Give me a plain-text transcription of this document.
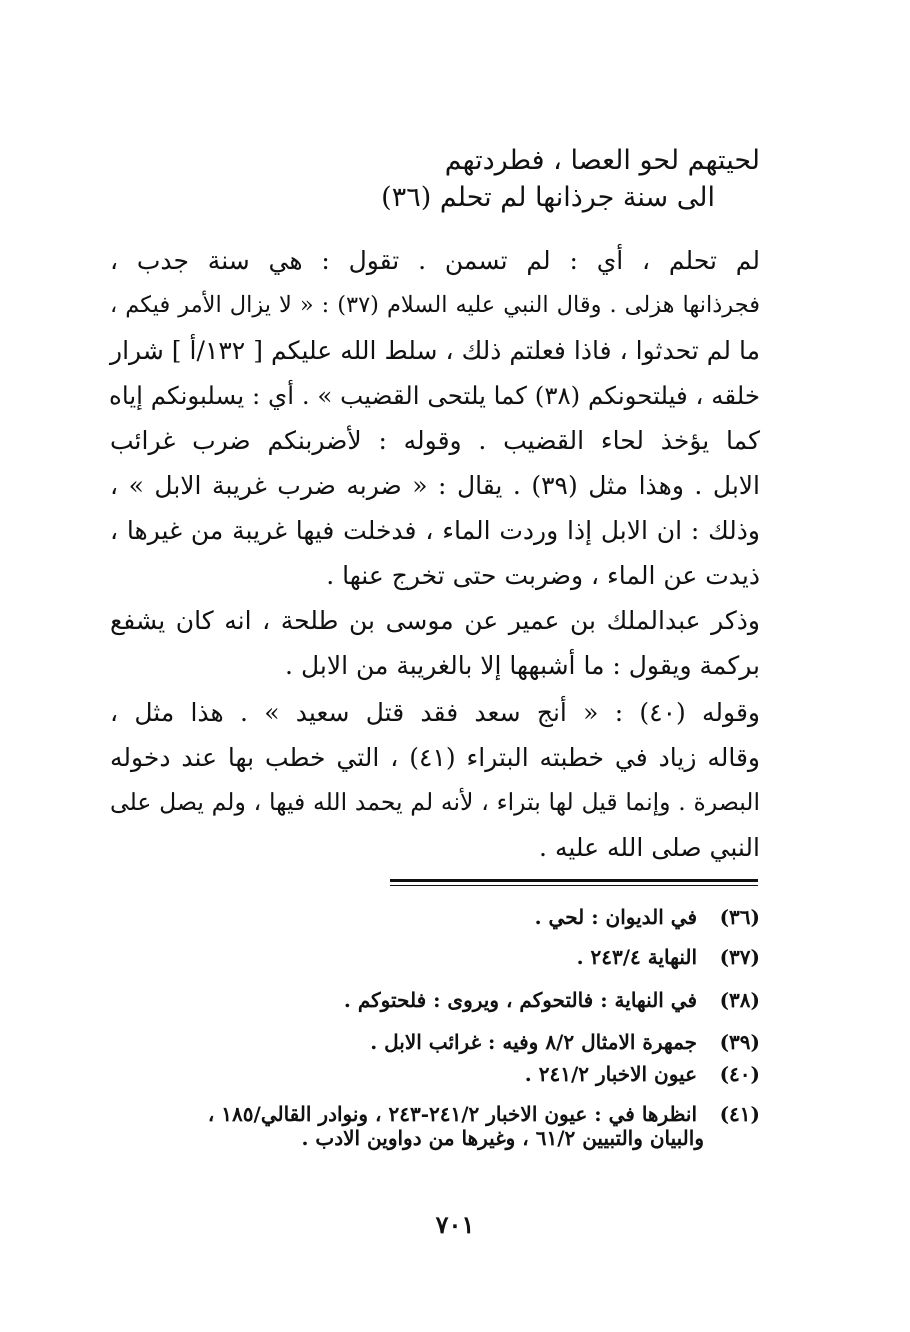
لحيتهم لحو العصا ، فطردتهم
الى سنة جرذانها لم تحلم (٣٦)
لم تحلم ، أي : لم تسمن . تقول : هي سنة جدب ،
فجرذانها هزلى . وقال النبي عليه السلام (٣٧) : « لا يزال الأمر فيكم ،
ما لم تحدثوا ، فاذا فعلتم ذلك ، سلط الله عليكم [ ١٣٢/أ ] شرار
خلقه ، فيلتحونكم (٣٨) كما يلتحى القضيب » . أي : يسلبونكم إياه
كما يؤخذ لحاء القضيب . وقوله : لأضربنكم ضرب غرائب
الابل . وهذا مثل (٣٩) . يقال : « ضربه ضرب غريبة الابل » ،
وذلك : ان الابل إذا وردت الماء ، فدخلت فيها غريبة من غيرها ،
ذيدت عن الماء ، وضربت حتى تخرج عنها .
وذكر عبدالملك بن عمير عن موسى بن طلحة ، انه كان يشفع
بركمة ويقول : ما أشبهها إلا بالغريبة من الابل .
وقوله (٤٠) : « أنج سعد فقد قتل سعيد » . هذا مثل ،
وقاله زياد في خطبته البتراء (٤١) ، التي خطب بها عند دخوله
البصرة . وإنما قيل لها بتراء ، لأنه لم يحمد الله فيها ، ولم يصل على
النبي صلى الله عليه .
(٣٦) في الديوان : لحي .
(٣٧) النهاية ٢٤٣/٤ .
(٣٨) في النهاية : فالتحوكم ، ويروى : فلحتوكم .
(٣٩) جمهرة الامثال ٨/٢ وفيه : غرائب الابل .
(٤٠) عيون الاخبار ٢٤١/٢ .
(٤١) انظرها في : عيون الاخبار ٢٤١/٢-٢٤٣ ، ونوادر القالي/١٨٥ ،
والبيان والتبيين ٦١/٢ ، وغيرها من دواوين الادب .
٧٠١
